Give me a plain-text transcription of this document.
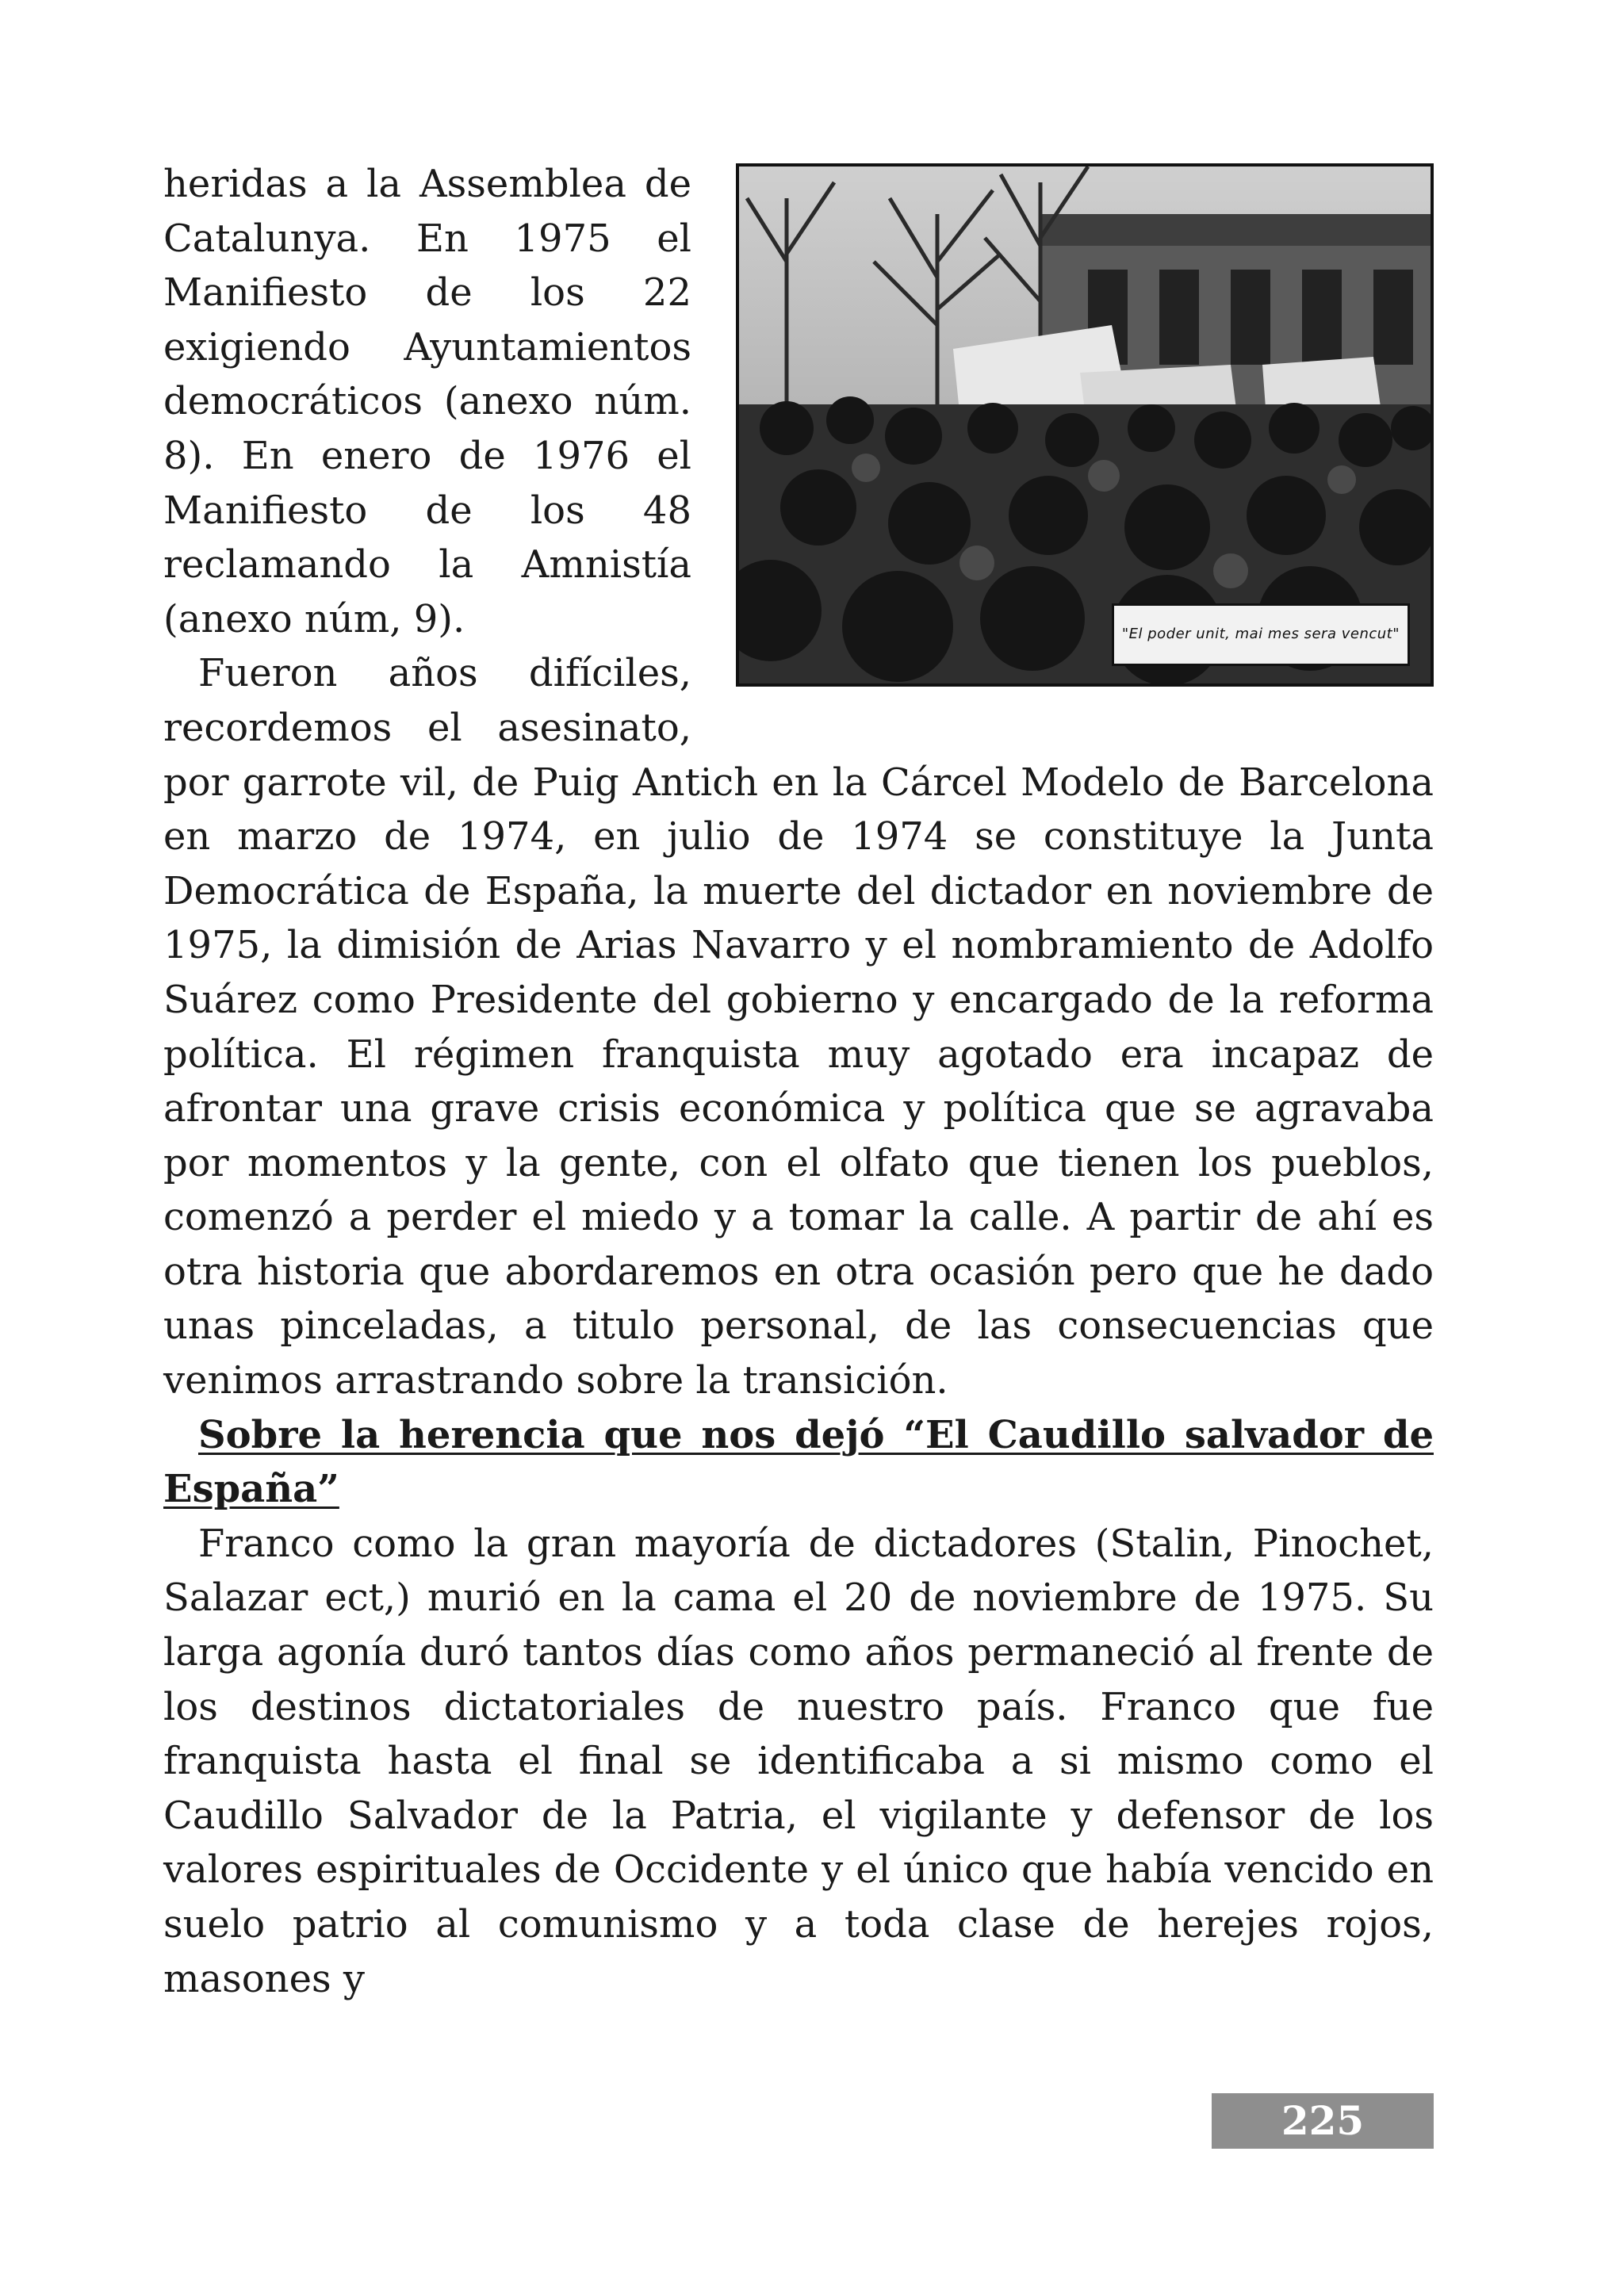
"El poder unit, mai mes sera vencut"

heridas a la Assemblea de Catalunya. En 1975 el Manifiesto de los 22 exigiendo Ayuntamientos democráticos (anexo núm. 8). En enero de 1976 el Manifiesto de los 48 reclamando la Amnistía (anexo núm, 9).

Fueron años difíciles, recordemos el asesinato, por garrote vil, de Puig Antich en la Cárcel Modelo de Barcelona en marzo de 1974, en julio de 1974 se constituye la Junta Democrática de España, la muerte del dictador en noviembre de 1975, la dimisión de Arias Navarro y el nombramiento de Adolfo Suárez como Presidente del gobierno y encargado de la reforma política. El régimen franquista muy agotado era incapaz de afrontar una grave crisis económica y política que se agravaba por momentos y la gente, con el olfato que tienen los pueblos, comenzó a perder el miedo y a tomar la calle. A partir de ahí es otra historia que abordaremos en otra ocasión pero que he dado unas pinceladas, a titulo personal, de las consecuencias que venimos arrastrando sobre la transición.

Sobre la herencia que nos dejó “El Caudillo salvador de España”

Franco como la gran mayoría de dictadores (Stalin, Pinochet, Salazar ect,) murió en la cama el 20 de noviembre de 1975. Su larga agonía duró tantos días como años permaneció al frente de los destinos dictatoriales de nuestro país. Franco que fue franquista hasta el final se identificaba a si mismo como el Caudillo Salvador de la Patria, el vigilante y defensor de los valores espirituales de Occidente y el único que había vencido en suelo patrio al comunismo y a toda clase de herejes rojos, masones y

225
